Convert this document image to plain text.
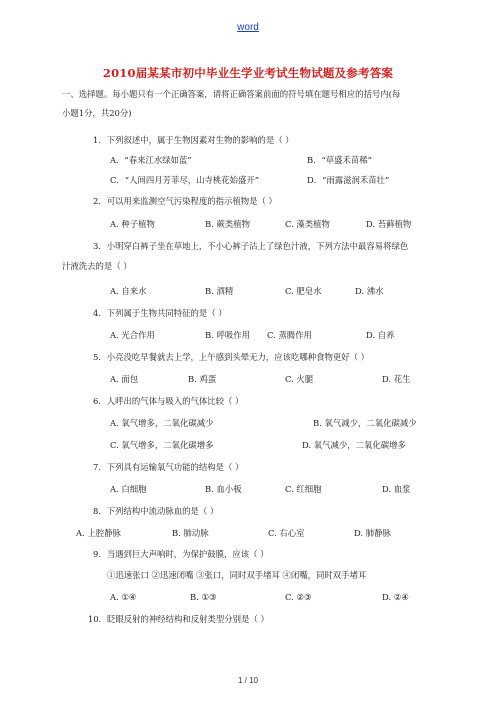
word
2010届某某市初中毕业生学业考试生物试题及参考答案
一、选择题。每小题只有一个正确答案，请将正确答案前面的符号填在题号相应的括号内(每
小题1分，共20分)
1．下列叙述中，属于生物因素对生物的影响的是（ ）
A．“春来江水绿如蓝”	B．“草盛禾苗稀”
C．“人间四月芳菲尽，山寺桃花始盛开”	D．“雨露滋润禾苗壮”
2．可以用来监测空气污染程度的指示植物是（ ）
A. 种子植物	B. 蕨类植物	C. 藻类植物	D. 苔藓植物
3．小明穿白裤子坐在草地上，不小心裤子沾上了绿色汁液，下列方法中最容易将绿色
汁液洗去的是（ ）
A. 自来水	B. 酒精	C. 肥皂水	D. 沸水
4．下列属于生物共同特征的是（ ）
A. 光合作用	B. 呼吸作用 C. 蒸腾作用	D. 自养
5．小亮没吃早餐就去上学，上午感到头晕无力，应该吃哪种食物更好（ ）
A. 面包	B. 鸡蛋	C. 火腿	D. 花生
6．人呼出的气体与吸入的气体比较（ ）
A. 氧气增多，二氧化碳减少	B. 氧气减少，二氧化碳减少
C. 氧气增多，二氧化碳增多	D. 氧气减少，二氧化碳增多
7．下列具有运输氧气功能的结构是（ ）
A. 白细胞	B. 血小板	C. 红细胞	D. 血浆
8．下列结构中流动脉血的是（ ）
A. 上腔静脉	B. 肺动脉	C. 右心室	D. 肺静脉
9．当遇到巨大声响时，为保护鼓膜，应该（ ）
①迅速张口 ②迅速闭嘴 ③张口，同时双手堵耳 ④闭嘴，同时双手堵耳
A. ①④	B. ①③	C. ②③	D. ②④
10．眨眼反射的神经结构和反射类型分别是（ ）
1 / 10
